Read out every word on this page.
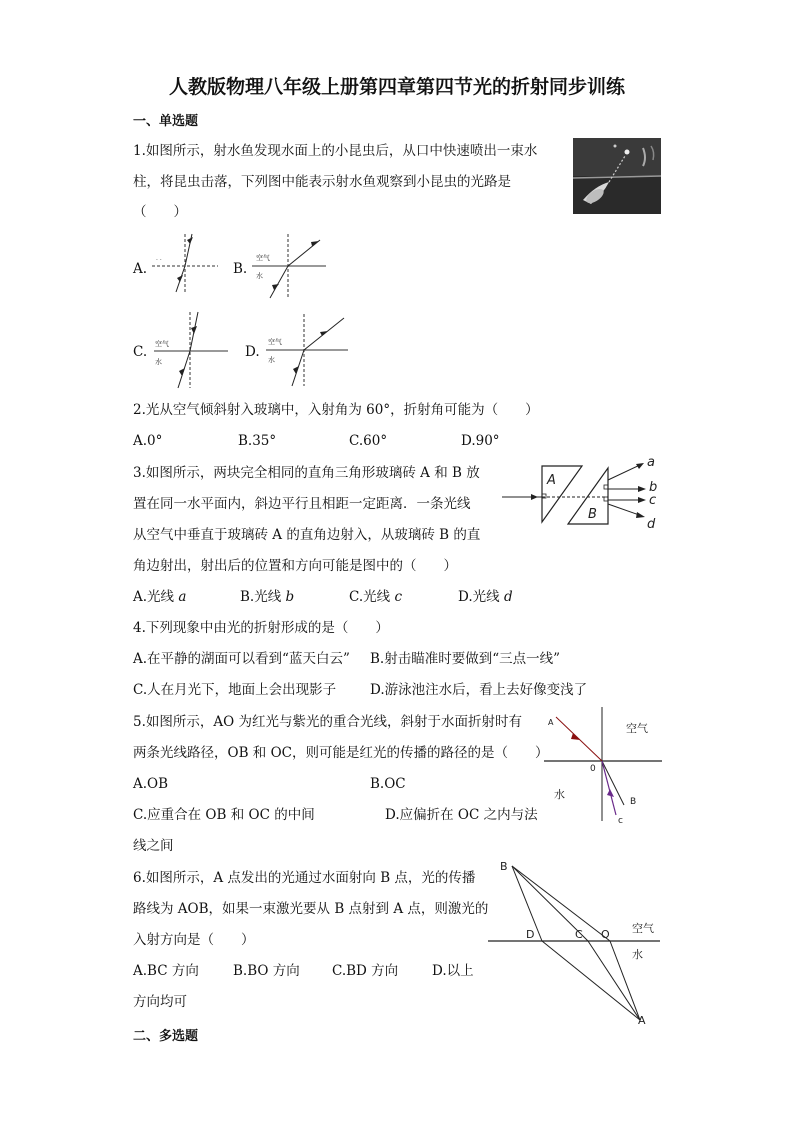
人教版物理八年级上册第四章第四节光的折射同步训练
一、单选题
1.如图所示，射水鱼发现水面上的小昆虫后，从口中快速喷出一束水
柱，将昆虫击落，下列图中能表示射水鱼观察到小昆虫的光路是
（　　）
A.
· ·
B.
空气
水
C. 空气
水
D.
空气
水
2.光从空气倾斜射入玻璃中，入射角为 60°，折射角可能为（　　）
A.0°	B.35°	C.60°	D.90°
3.如图所示，两块完全相同的直角三角形玻璃砖 A 和 B 放
置在同一水平面内，斜边平行且相距一定距离．一条光线
从空气中垂直于玻璃砖 A 的直角边射入，从玻璃砖 B 的直
角边射出，射出后的位置和方向可能是图中的（　　）
A
B
a
b
c
d
A.光线 a	B.光线 b	C.光线 c	D.光线 d
4.下列现象中由光的折射形成的是（　　）
A.在平静的湖面可以看到“蓝天白云” B.射击瞄准时要做到“三点一线”
C.人在月光下，地面上会出现影子	D.游泳池注水后，看上去好像变浅了
5.如图所示，AO 为红光与紫光的重合光线，斜射于水面折射时有
两条光线路径，OB 和 OC，则可能是红光的传播的路径的是（　　）
A.OB	B.OC
C.应重合在 OB 和 OC 的中间	D.应偏折在 OC 之内与法
线之间
A
0
B
c
空气
水
6.如图所示，A 点发出的光通过水面射向 B 点，光的传播
路线为 AOB，如果一束激光要从 B 点射到 A 点，则激光的
入射方向是（　　）
A.BC 方向	B.BO 方向 C.BD 方向	D.以上
方向均可
B
D	C O
A
空气
水
二、多选题
